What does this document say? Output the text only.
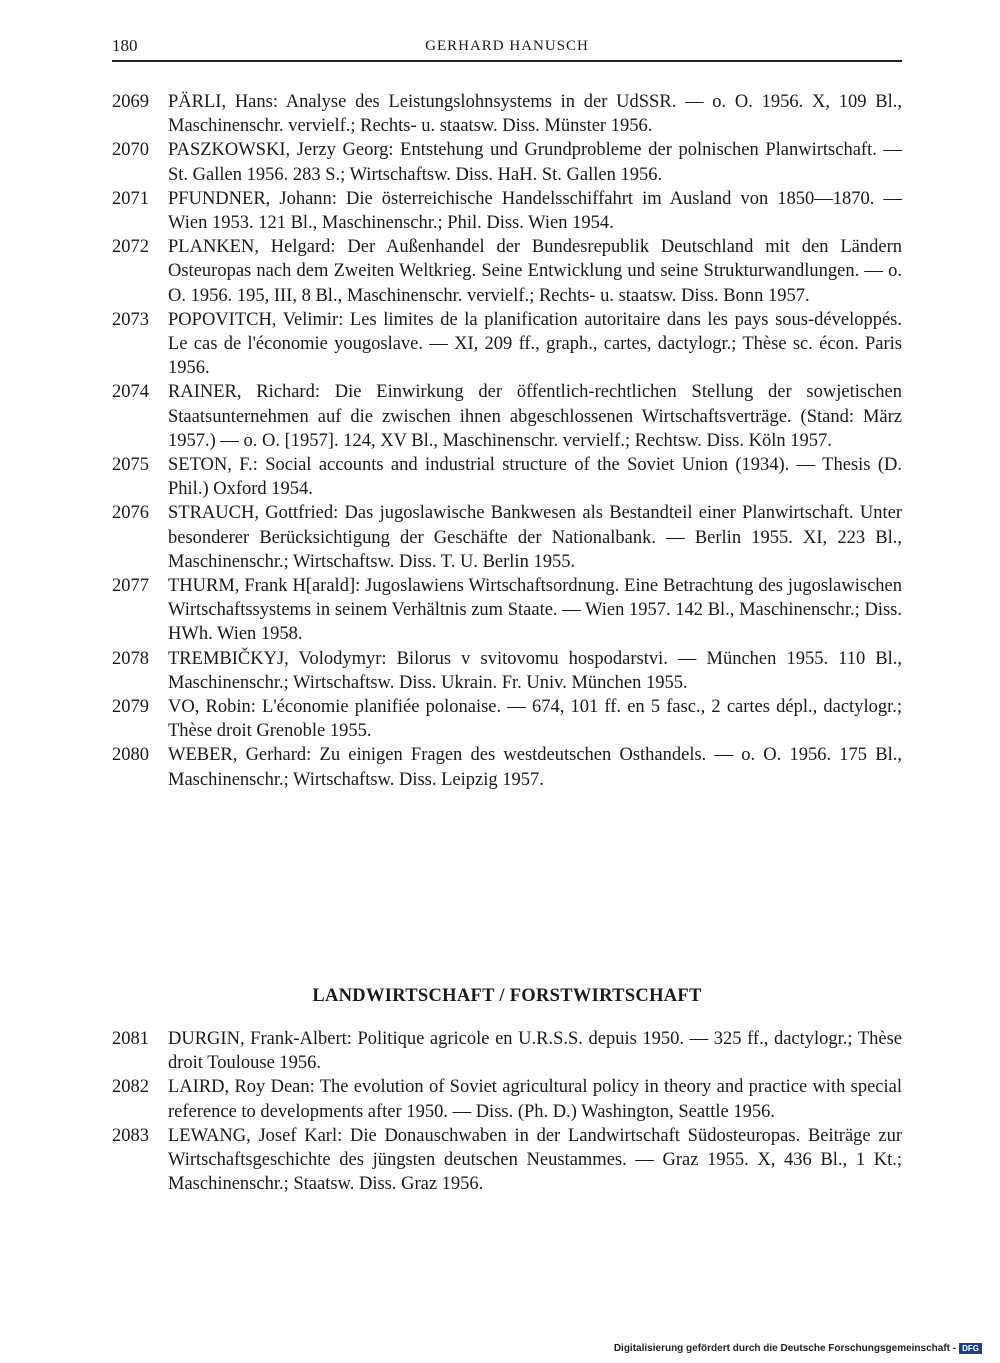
180	GERHARD HANUSCH
2069 PÄRLI, Hans: Analyse des Leistungslohnsystems in der UdSSR. — o. O. 1956. X, 109 Bl., Maschinenschr. vervielf.; Rechts- u. staatsw. Diss. Münster 1956.
2070 PASZKOWSKI, Jerzy Georg: Entstehung und Grundprobleme der polnischen Planwirtschaft. — St. Gallen 1956. 283 S.; Wirtschaftsw. Diss. HaH. St. Gallen 1956.
2071 PFUNDNER, Johann: Die österreichische Handelsschiffahrt im Ausland von 1850—1870. — Wien 1953. 121 Bl., Maschinenschr.; Phil. Diss. Wien 1954.
2072 PLANKEN, Helgard: Der Außenhandel der Bundesrepublik Deutschland mit den Ländern Osteuropas nach dem Zweiten Weltkrieg. Seine Entwicklung und seine Strukturwandlungen. — o. O. 1956. 195, III, 8 Bl., Maschinenschr. vervielf.; Rechts- u. staatsw. Diss. Bonn 1957.
2073 POPOVITCH, Velimir: Les limites de la planification autoritaire dans les pays sous-développés. Le cas de l'économie yougoslave. — XI, 209 ff., graph., cartes, dactylogr.; Thèse sc. écon. Paris 1956.
2074 RAINER, Richard: Die Einwirkung der öffentlich-rechtlichen Stellung der sowjetischen Staatsunternehmen auf die zwischen ihnen abgeschlossenen Wirtschaftsverträge. (Stand: März 1957.) — o. O. [1957]. 124, XV Bl., Maschinenschr. vervielf.; Rechtsw. Diss. Köln 1957.
2075 SETON, F.: Social accounts and industrial structure of the Soviet Union (1934). — Thesis (D. Phil.) Oxford 1954.
2076 STRAUCH, Gottfried: Das jugoslawische Bankwesen als Bestandteil einer Planwirtschaft. Unter besonderer Berücksichtigung der Geschäfte der Nationalbank. — Berlin 1955. XI, 223 Bl., Maschinenschr.; Wirtschaftsw. Diss. T. U. Berlin 1955.
2077 THURM, Frank H[arald]: Jugoslawiens Wirtschaftsordnung. Eine Betrachtung des jugoslawischen Wirtschaftssystems in seinem Verhältnis zum Staate. — Wien 1957. 142 Bl., Maschinenschr.; Diss. HWh. Wien 1958.
2078 TREMBIČKYJ, Volodymyr: Bilorus v svitovomu hospodarstvi. — München 1955. 110 Bl., Maschinenschr.; Wirtschaftsw. Diss. Ukrain. Fr. Univ. München 1955.
2079 VO, Robin: L'économie planifiée polonaise. — 674, 101 ff. en 5 fasc., 2 cartes dépl., dactylogr.; Thèse droit Grenoble 1955.
2080 WEBER, Gerhard: Zu einigen Fragen des westdeutschen Osthandels. — o. O. 1956. 175 Bl., Maschinenschr.; Wirtschaftsw. Diss. Leipzig 1957.
LANDWIRTSCHAFT / FORSTWIRTSCHAFT
2081 DURGIN, Frank-Albert: Politique agricole en U.R.S.S. depuis 1950. — 325 ff., dactylogr.; Thèse droit Toulouse 1956.
2082 LAIRD, Roy Dean: The evolution of Soviet agricultural policy in theory and practice with special reference to developments after 1950. — Diss. (Ph. D.) Washington, Seattle 1956.
2083 LEWANG, Josef Karl: Die Donauschwaben in der Landwirtschaft Südosteuropas. Beiträge zur Wirtschaftsgeschichte des jüngsten deutschen Neustammes. — Graz 1955. X, 436 Bl., 1 Kt.; Maschinenschr.; Staatsw. Diss. Graz 1956.
Digitalisierung gefördert durch die Deutsche Forschungsgemeinschaft - DFG
